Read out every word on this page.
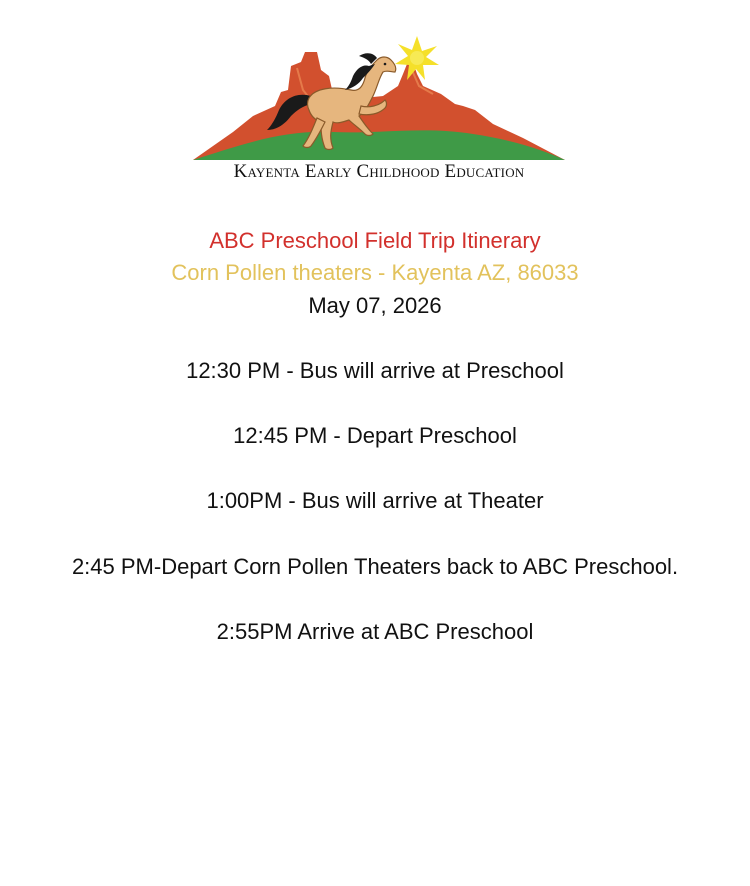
Kayenta Early Childhood Education
ABC Preschool Field Trip Itinerary
Corn Pollen theaters - Kayenta AZ, 86033
May 07, 2026
12:30 PM - Bus will arrive at Preschool
12:45 PM - Depart Preschool
1:00PM - Bus will arrive at Theater
2:45 PM-Depart Corn Pollen Theaters back to ABC Preschool.
2:55PM Arrive at ABC Preschool
